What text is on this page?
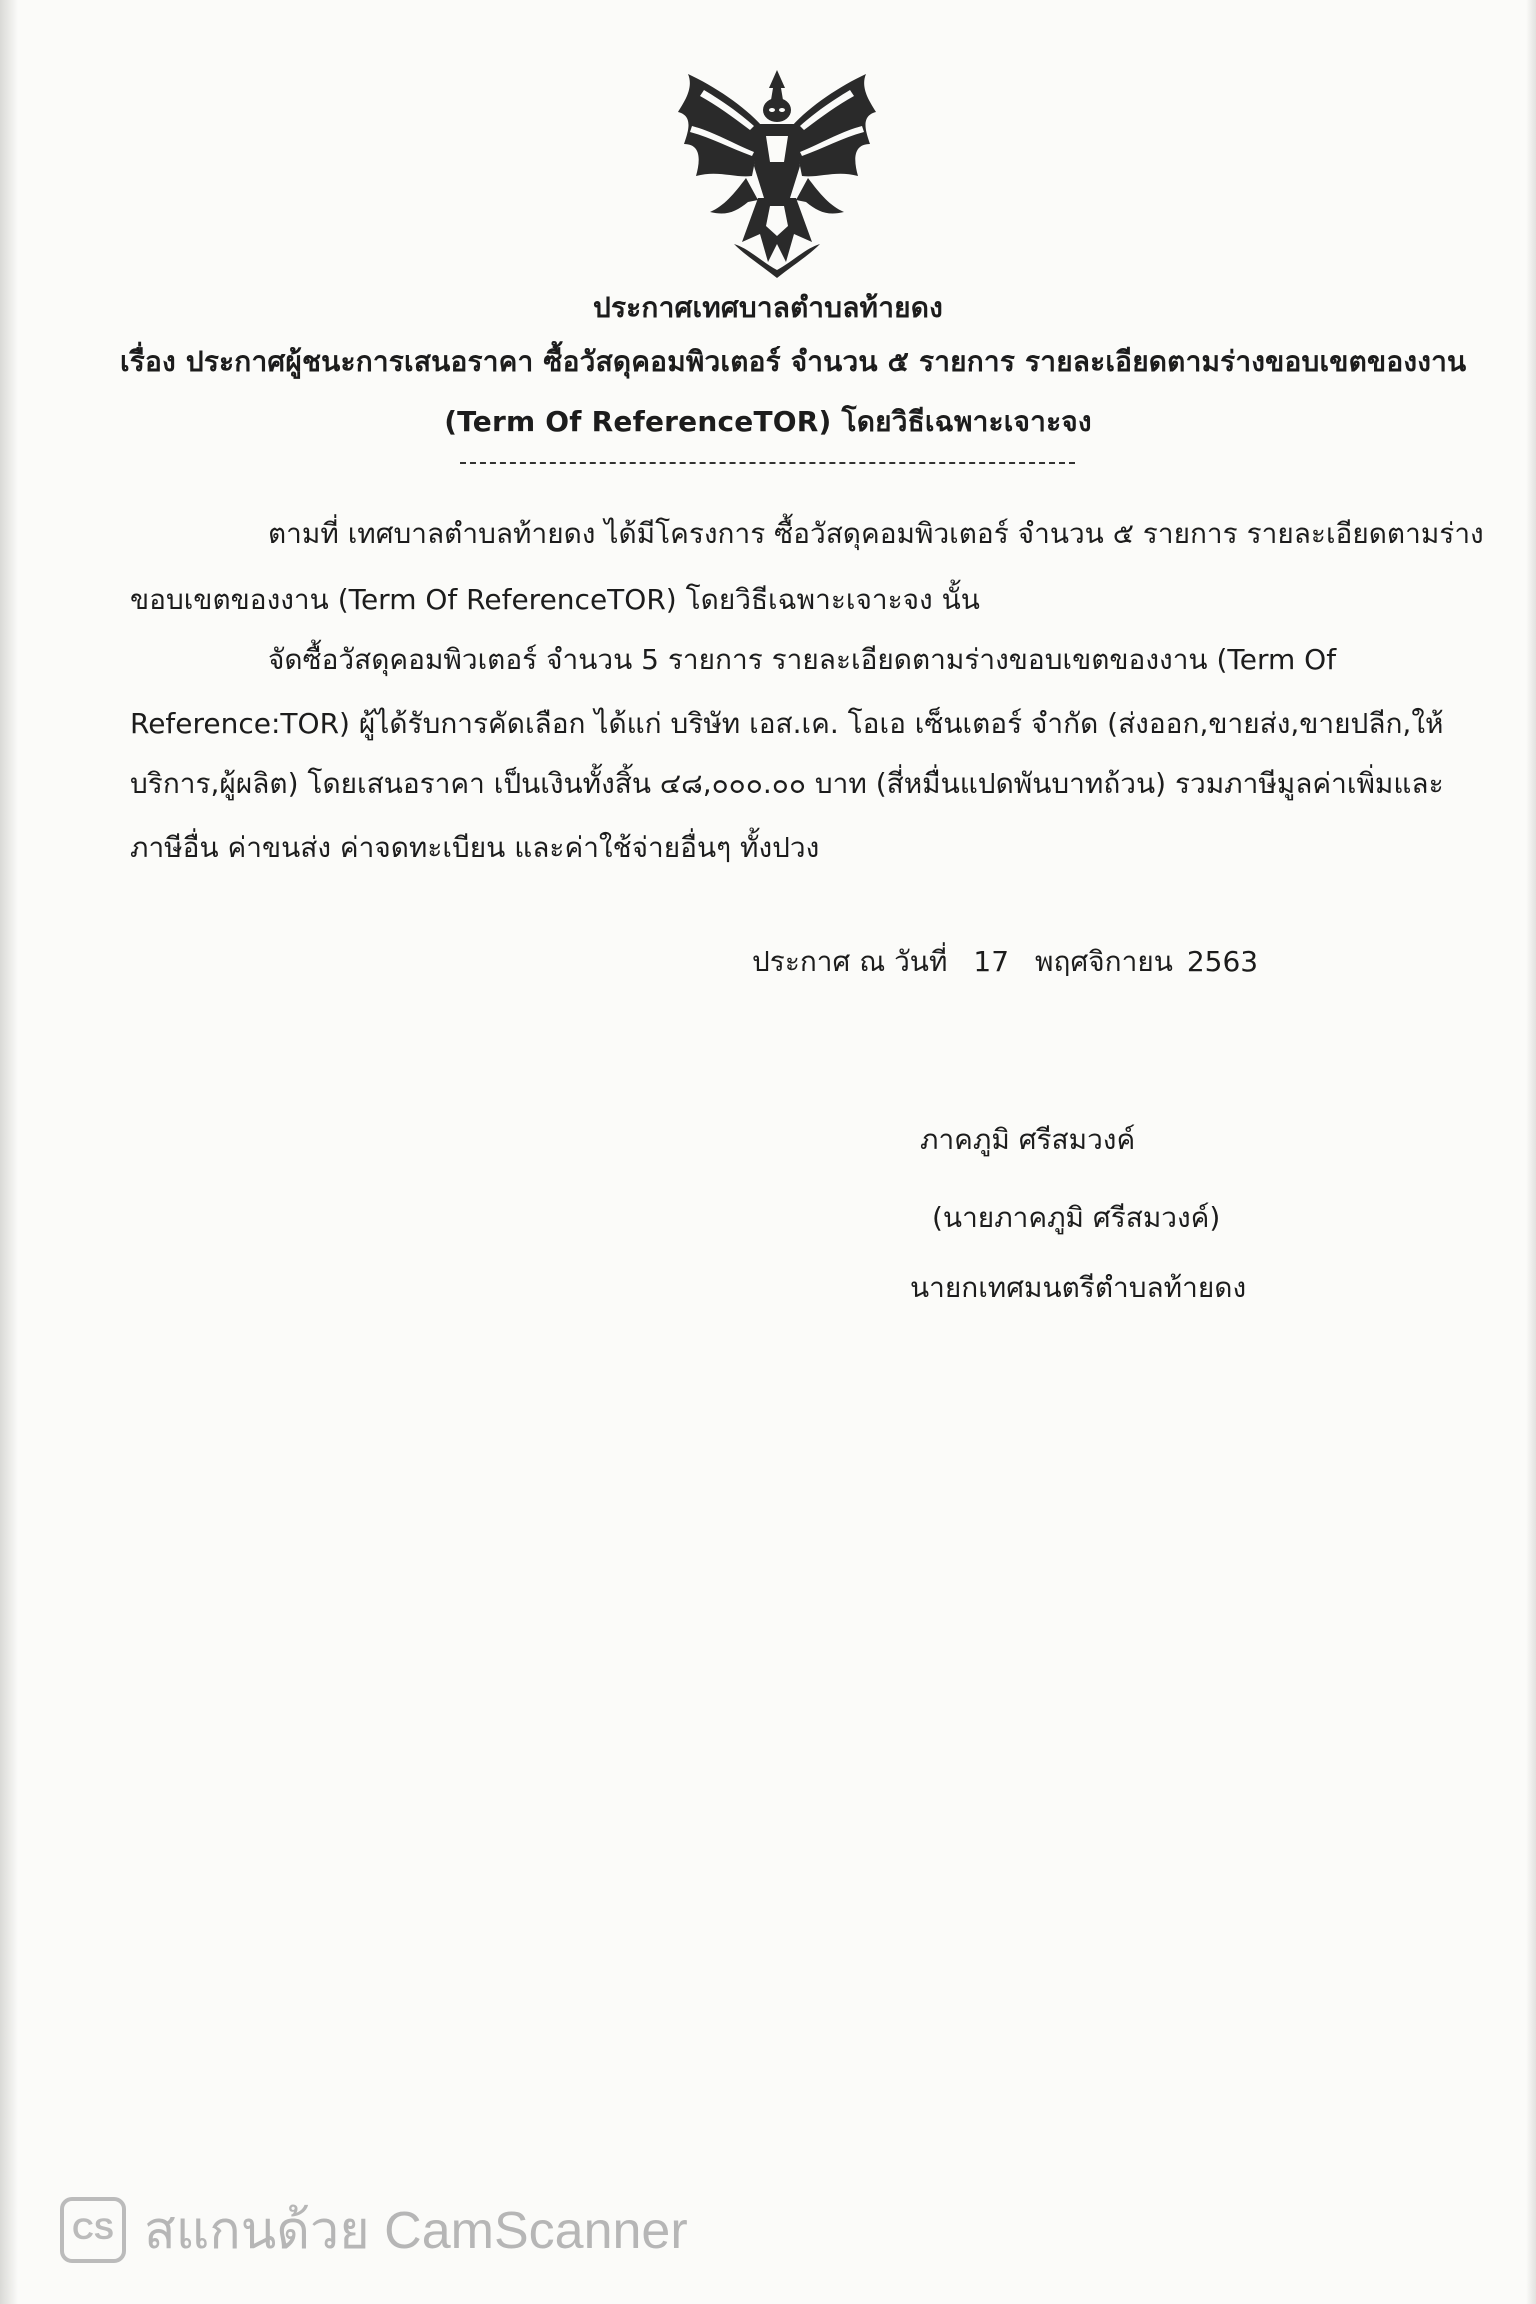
ประกาศเทศบาลตำบลท้ายดง
เรื่อง ประกาศผู้ชนะการเสนอราคา ซื้อวัสดุคอมพิวเตอร์ จำนวน ๕ รายการ รายละเอียดตามร่างขอบเขตของงาน
(Term Of ReferenceTOR) โดยวิธีเฉพาะเจาะจง
ตามที่ เทศบาลตำบลท้ายดง ได้มีโครงการ ซื้อวัสดุคอมพิวเตอร์ จำนวน ๕ รายการ รายละเอียดตามร่าง
ขอบเขตของงาน (Term Of ReferenceTOR) โดยวิธีเฉพาะเจาะจง นั้น
จัดซื้อวัสดุคอมพิวเตอร์ จำนวน 5 รายการ รายละเอียดตามร่างขอบเขตของงาน (Term Of
Reference:TOR) ผู้ได้รับการคัดเลือก ได้แก่ บริษัท เอส.เค. โอเอ เซ็นเตอร์ จำกัด (ส่งออก,ขายส่ง,ขายปลีก,ให้
บริการ,ผู้ผลิต) โดยเสนอราคา เป็นเงินทั้งสิ้น ๔๘,๐๐๐.๐๐ บาท (สี่หมื่นแปดพันบาทถ้วน) รวมภาษีมูลค่าเพิ่มและ
ภาษีอื่น ค่าขนส่ง ค่าจดทะเบียน และค่าใช้จ่ายอื่นๆ ทั้งปวง
ประกาศ ณ วันที่ 17 พฤศจิกายน 2563
ภาคภูมิ ศรีสมวงค์
(นายภาคภูมิ ศรีสมวงค์)
นายกเทศมนตรีตำบลท้ายดง
CS สแกนด้วย CamScanner
